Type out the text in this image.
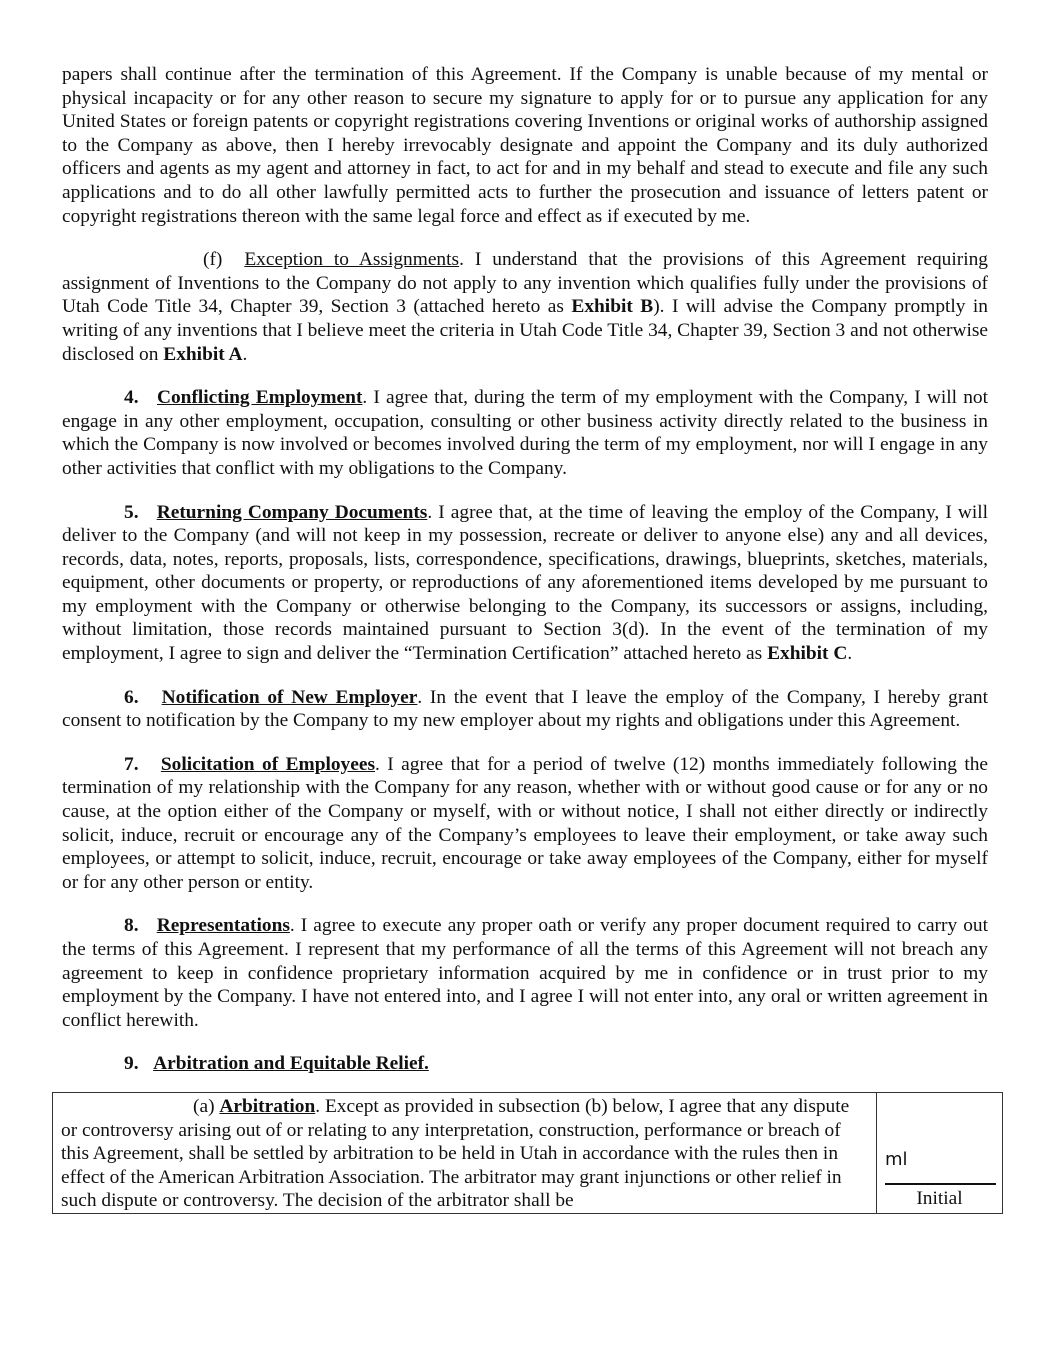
papers shall continue after the termination of this Agreement. If the Company is unable because of my mental or physical incapacity or for any other reason to secure my signature to apply for or to pursue any application for any United States or foreign patents or copyright registrations covering Inventions or original works of authorship assigned to the Company as above, then I hereby irrevocably designate and appoint the Company and its duly authorized officers and agents as my agent and attorney in fact, to act for and in my behalf and stead to execute and file any such applications and to do all other lawfully permitted acts to further the prosecution and issuance of letters patent or copyright registrations thereon with the same legal force and effect as if executed by me.

(f) Exception to Assignments. I understand that the provisions of this Agreement requiring assignment of Inventions to the Company do not apply to any invention which qualifies fully under the provisions of Utah Code Title 34, Chapter 39, Section 3 (attached hereto as Exhibit B). I will advise the Company promptly in writing of any inventions that I believe meet the criteria in Utah Code Title 34, Chapter 39, Section 3 and not otherwise disclosed on Exhibit A.

4. Conflicting Employment. I agree that, during the term of my employment with the Company, I will not engage in any other employment, occupation, consulting or other business activity directly related to the business in which the Company is now involved or becomes involved during the term of my employment, nor will I engage in any other activities that conflict with my obligations to the Company.

5. Returning Company Documents. I agree that, at the time of leaving the employ of the Company, I will deliver to the Company (and will not keep in my possession, recreate or deliver to anyone else) any and all devices, records, data, notes, reports, proposals, lists, correspondence, specifications, drawings, blueprints, sketches, materials, equipment, other documents or property, or reproductions of any aforementioned items developed by me pursuant to my employment with the Company or otherwise belonging to the Company, its successors or assigns, including, without limitation, those records maintained pursuant to Section 3(d). In the event of the termination of my employment, I agree to sign and deliver the “Termination Certification” attached hereto as Exhibit C.

6. Notification of New Employer. In the event that I leave the employ of the Company, I hereby grant consent to notification by the Company to my new employer about my rights and obligations under this Agreement.

7. Solicitation of Employees. I agree that for a period of twelve (12) months immediately following the termination of my relationship with the Company for any reason, whether with or without good cause or for any or no cause, at the option either of the Company or myself, with or without notice, I shall not either directly or indirectly solicit, induce, recruit or encourage any of the Company’s employees to leave their employment, or take away such employees, or attempt to solicit, induce, recruit, encourage or take away employees of the Company, either for myself or for any other person or entity.

8. Representations. I agree to execute any proper oath or verify any proper document required to carry out the terms of this Agreement. I represent that my performance of all the terms of this Agreement will not breach any agreement to keep in confidence proprietary information acquired by me in confidence or in trust prior to my employment by the Company. I have not entered into, and I agree I will not enter into, any oral or written agreement in conflict herewith.

9. Arbitration and Equitable Relief.

(a) Arbitration. Except as provided in subsection (b) below, I agree that any dispute or controversy arising out of or relating to any interpretation, construction, performance or breach of this Agreement, shall be settled by arbitration to be held in Utah in accordance with the rules then in effect of the American Arbitration Association. The arbitrator may grant injunctions or other relief in such dispute or controversy. The decision of the arbitrator shall be

ml
Initial
